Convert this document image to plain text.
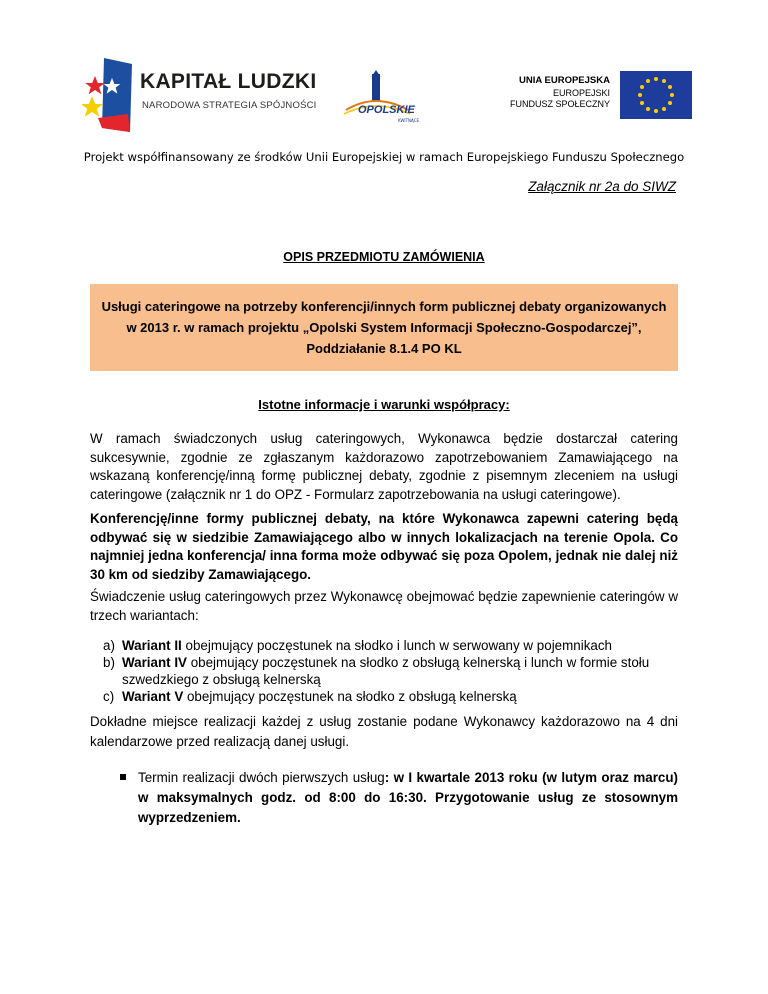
KAPITAŁ LUDZKI
NARODOWA STRATEGIA SPÓJNOŚCI	OPOLSKIE
KWITNĄCE
UNIA EUROPEJSKA
EUROPEJSKI
FUNDUSZ SPOŁECZNY
Projekt współfinansowany ze środków Unii Europejskiej w ramach Europejskiego Funduszu Społecznego
Załącznik nr 2a do SIWZ
OPIS PRZEDMIOTU ZAMÓWIENIA
Usługi cateringowe na potrzeby konferencji/innych form publicznej debaty organizowanych
w 2013 r. w ramach projektu „Opolski System Informacji Społeczno-Gospodarczej”,
Poddziałanie 8.1.4 PO KL
Istotne informacje i warunki współpracy:
W ramach świadczonych usług cateringowych, Wykonawca będzie dostarczał catering sukcesywnie, zgodnie ze zgłaszanym każdorazowo zapotrzebowaniem Zamawiającego na wskazaną konferencję/inną formę publicznej debaty, zgodnie z pisemnym zleceniem na usługi cateringowe (załącznik nr 1 do OPZ - Formularz zapotrzebowania na usługi cateringowe).
Konferencję/inne formy publicznej debaty, na które Wykonawca zapewni catering będą odbywać się w siedzibie Zamawiającego albo w innych lokalizacjach na terenie Opola. Co najmniej jedna konferencja/ inna forma może odbywać się poza Opolem, jednak nie dalej niż 30 km od siedziby Zamawiającego.
Świadczenie usług cateringowych przez Wykonawcę obejmować będzie zapewnienie cateringów w trzech wariantach:
a) Wariant II obejmujący poczęstunek na słodko i lunch w serwowany w pojemnikach
b) Wariant IV obejmujący poczęstunek na słodko z obsługą kelnerską i lunch w formie stołu szwedzkiego z obsługą kelnerską
c) Wariant V obejmujący poczęstunek na słodko z obsługą kelnerską
Dokładne miejsce realizacji każdej z usług zostanie podane Wykonawcy każdorazowo na 4 dni kalendarzowe przed realizacją danej usługi.
Termin realizacji dwóch pierwszych usług: w I kwartale 2013 roku (w lutym oraz marcu) w maksymalnych godz. od 8:00 do 16:30. Przygotowanie usług ze stosownym wyprzedzeniem.
